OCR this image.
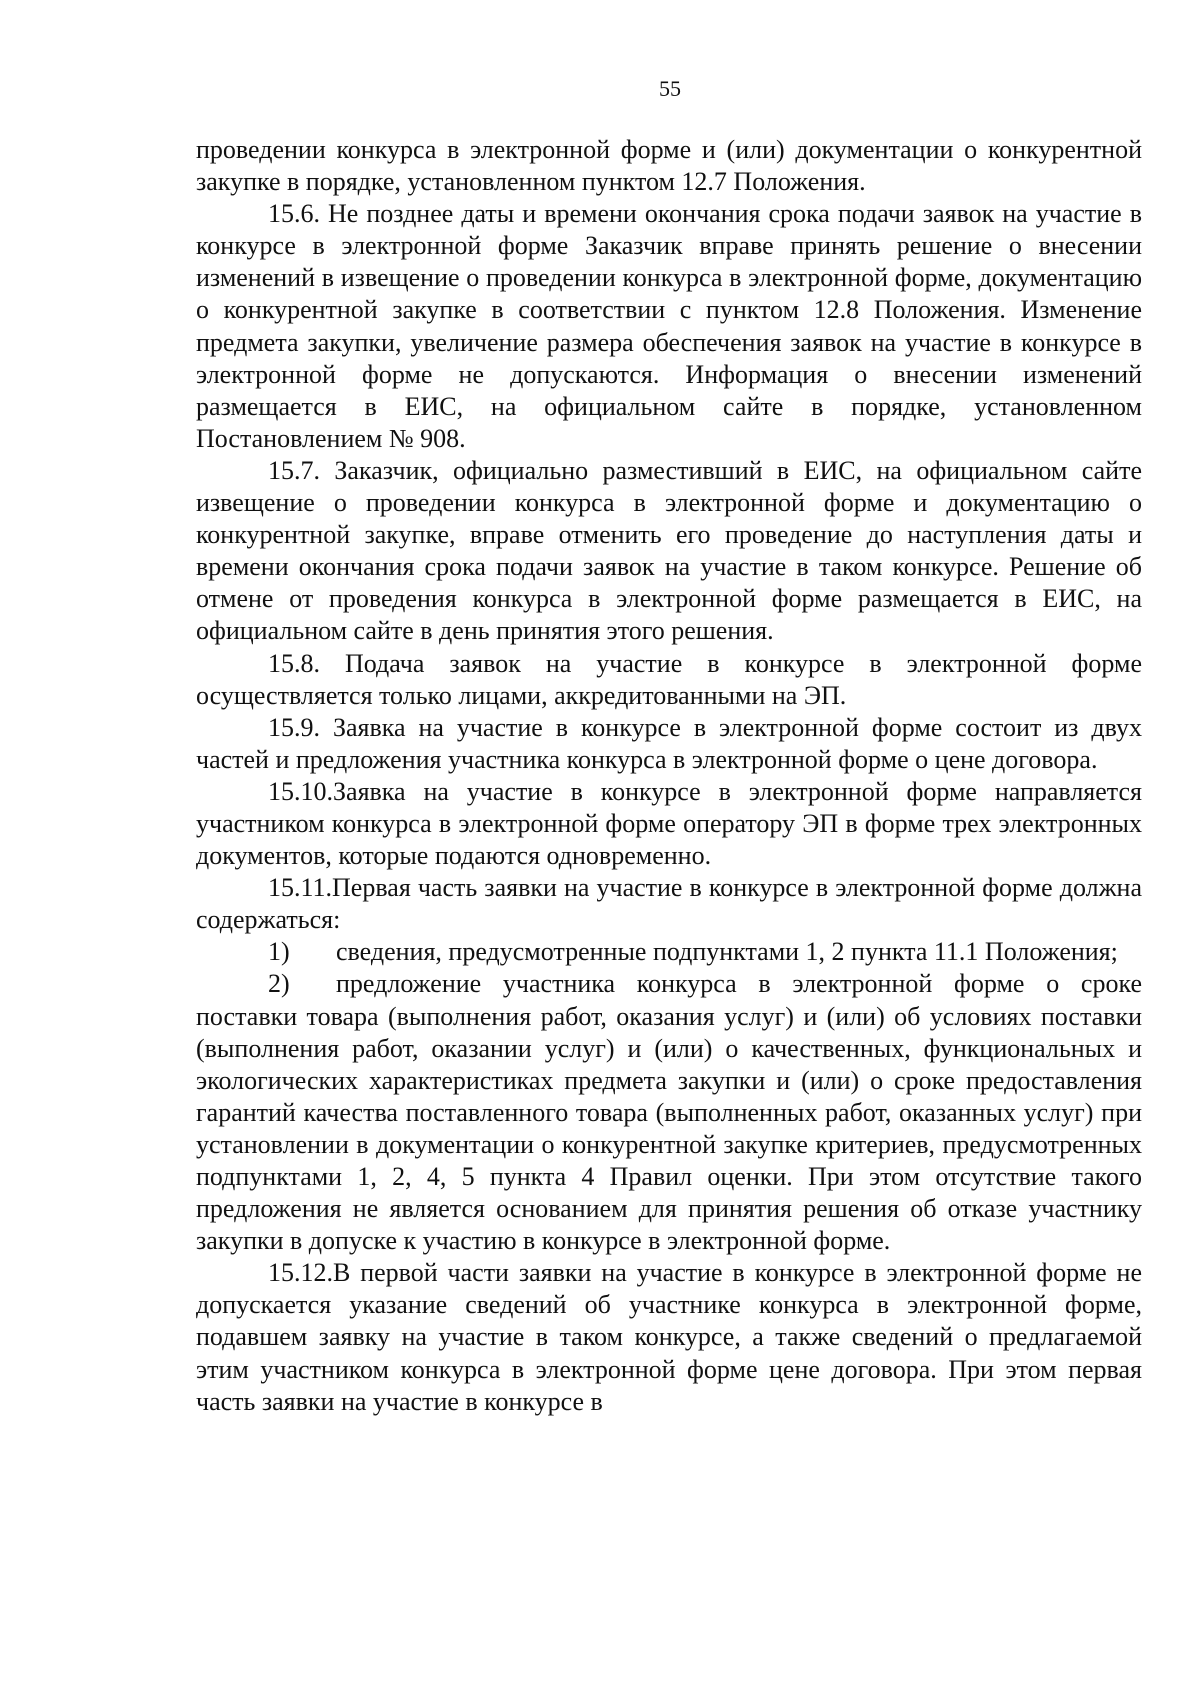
55

проведении конкурса в электронной форме и (или) документации о конкурентной закупке в порядке, установленном пунктом 12.7 Положения.

15.6. Не позднее даты и времени окончания срока подачи заявок на участие в конкурсе в электронной форме Заказчик вправе принять решение о внесении изменений в извещение о проведении конкурса в электронной форме, документацию о конкурентной закупке в соответствии с пунктом 12.8 Положения. Изменение предмета закупки, увеличение размера обеспечения заявок на участие в конкурсе в электронной форме не допускаются. Информация о внесении изменений размещается в ЕИС, на официальном сайте в порядке, установленном Постановлением № 908.

15.7. Заказчик, официально разместивший в ЕИС, на официальном сайте извещение о проведении конкурса в электронной форме и документацию о конкурентной закупке, вправе отменить его проведение до наступления даты и времени окончания срока подачи заявок на участие в таком конкурсе. Решение об отмене от проведения конкурса в электронной форме размещается в ЕИС, на официальном сайте в день принятия этого решения.

15.8. Подача заявок на участие в конкурсе в электронной форме осуществляется только лицами, аккредитованными на ЭП.

15.9. Заявка на участие в конкурсе в электронной форме состоит из двух частей и предложения участника конкурса в электронной форме о цене договора.

15.10.Заявка на участие в конкурсе в электронной форме направляется участником конкурса в электронной форме оператору ЭП в форме трех электронных документов, которые подаются одновременно.

15.11.Первая часть заявки на участие в конкурсе в электронной форме должна содержаться:

1) сведения, предусмотренные подпунктами 1, 2 пункта 11.1 Положения;

2) предложение участника конкурса в электронной форме о сроке поставки товара (выполнения работ, оказания услуг) и (или) об условиях поставки (выполнения работ, оказании услуг) и (или) о качественных, функциональных и экологических характеристиках предмета закупки и (или) о сроке предоставления гарантий качества поставленного товара (выполненных работ, оказанных услуг) при установлении в документации о конкурентной закупке критериев, предусмотренных подпунктами 1, 2, 4, 5 пункта 4 Правил оценки. При этом отсутствие такого предложения не является основанием для принятия решения об отказе участнику закупки в допуске к участию в конкурсе в электронной форме.

15.12.В первой части заявки на участие в конкурсе в электронной форме не допускается указание сведений об участнике конкурса в электронной форме, подавшем заявку на участие в таком конкурсе, а также сведений о предлагаемой этим участником конкурса в электронной форме цене договора. При этом первая часть заявки на участие в конкурсе в
